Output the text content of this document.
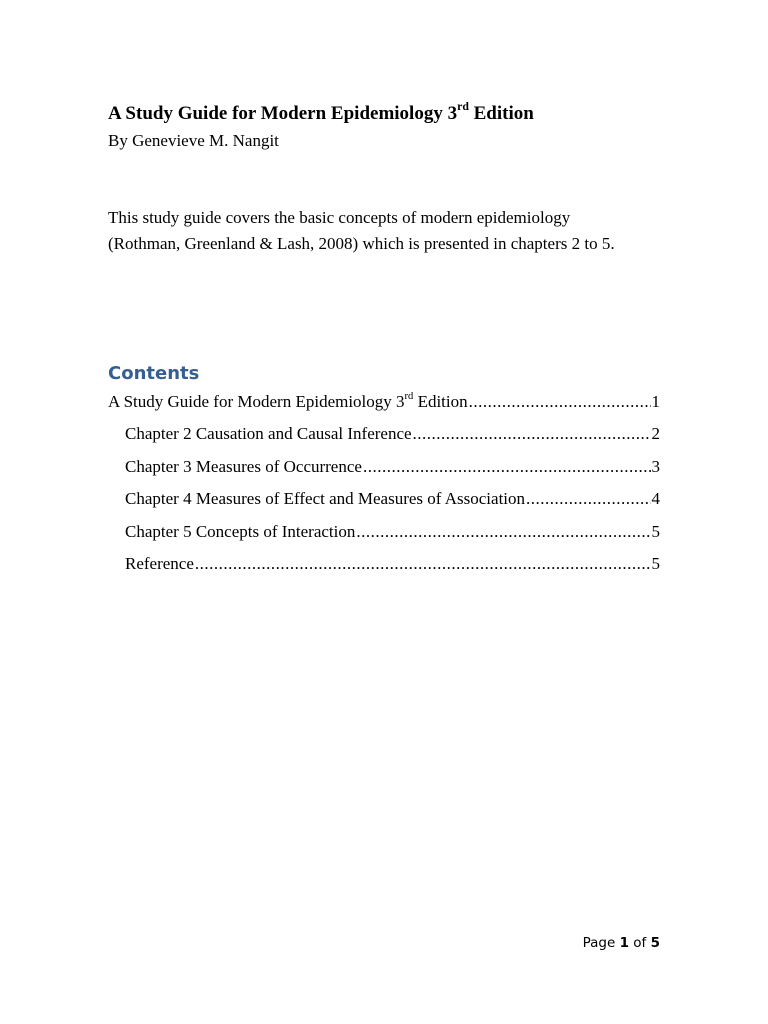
A Study Guide for Modern Epidemiology 3rd Edition
By Genevieve M. Nangit

This study guide covers the basic concepts of modern epidemiology

(Rothman, Greenland & Lash, 2008) which is presented in chapters 2 to 5.

Contents
A Study Guide for Modern Epidemiology 3rd Edition .....	1
Chapter 2 Causation and Causal Inference .....	2
Chapter 3 Measures of Occurrence .....	3
Chapter 4 Measures of Effect and Measures of Association .....	4
Chapter 5 Concepts of Interaction .....	5
Reference .....	5
Page 1 of 5
